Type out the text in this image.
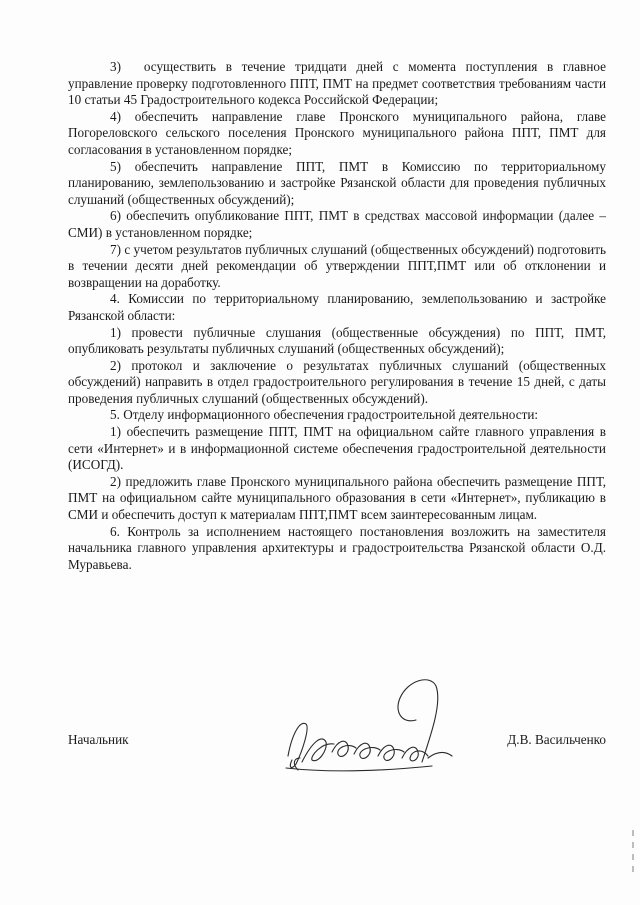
3)  осуществить в течение тридцати дней с момента поступления в главное управление проверку подготовленного ППТ, ПМТ на предмет соответствия требованиям части 10 статьи 45 Градостроительного кодекса Российской Федерации;

4) обеспечить направление главе Пронского муниципального района, главе Погореловского сельского поселения Пронского муниципального района ППТ, ПМТ для согласования в установленном порядке;

5) обеспечить направление ППТ, ПМТ в Комиссию по территориальному планированию, землепользованию и застройке Рязанской области для проведения публичных слушаний (общественных обсуждений);

6) обеспечить опубликование ППТ, ПМТ в средствах массовой информации (далее – СМИ) в установленном порядке;

7) с учетом результатов публичных слушаний (общественных обсуждений) подготовить в течении десяти дней рекомендации об утверждении ППТ,ПМТ или об отклонении и возвращении на доработку.

4. Комиссии по территориальному планированию, землепользованию и застройке Рязанской области:

1) провести публичные слушания (общественные обсуждения) по ППТ, ПМТ, опубликовать результаты публичных слушаний (общественных обсуждений);

2) протокол и заключение о результатах публичных слушаний (общественных обсуждений) направить в отдел градостроительного регулирования в течение 15 дней, с даты проведения публичных слушаний (общественных обсуждений).

5. Отделу информационного обеспечения градостроительной деятельности:

1) обеспечить размещение ППТ, ПМТ на официальном сайте главного управления в сети «Интернет» и в информационной системе обеспечения градостроительной деятельности (ИСОГД).

2) предложить главе Пронского муниципального района обеспечить размещение ППТ, ПМТ на официальном сайте муниципального образования в сети «Интернет», публикацию в СМИ и обеспечить доступ к материалам ППТ,ПМТ всем заинтересованным лицам.

6. Контроль за исполнением настоящего постановления возложить на заместителя начальника главного управления архитектуры и градостроительства Рязанской области О.Д. Муравьева.

Начальник	Д.В. Васильченко
